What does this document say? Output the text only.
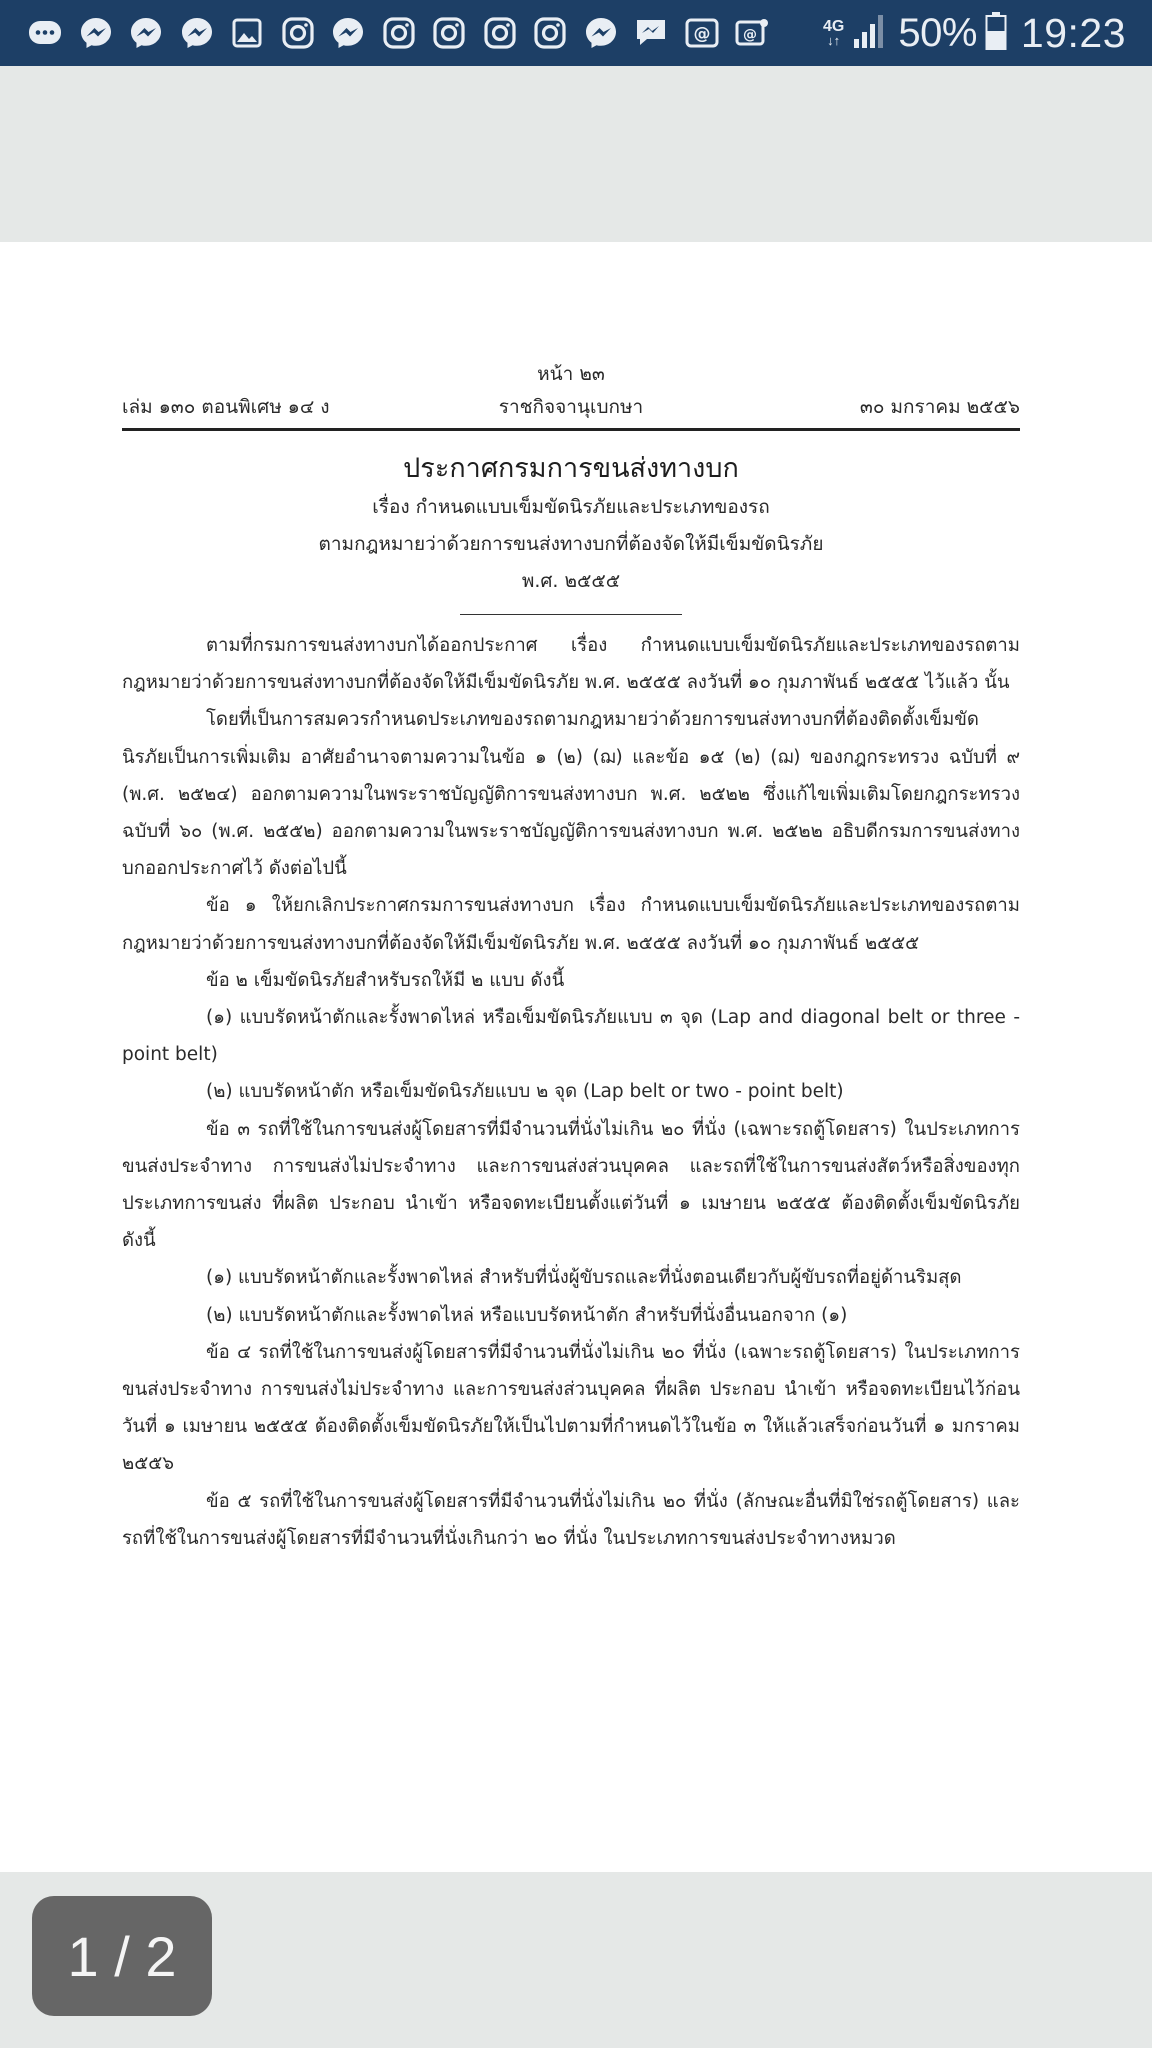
@ @	4G
↓↑ 50% 19:23
หน้า ๒๓
เล่ม ๑๓๐ ตอนพิเศษ ๑๔ ง	ราชกิจจานุเบกษา	๓๐ มกราคม ๒๕๕๖
ประกาศกรมการขนส่งทางบก
เรื่อง กำหนดแบบเข็มขัดนิรภัยและประเภทของรถ
ตามกฎหมายว่าด้วยการขนส่งทางบกที่ต้องจัดให้มีเข็มขัดนิรภัย
พ.ศ. ๒๕๕๕

ตามที่กรมการขนส่งทางบกได้ออกประกาศ เรื่อง กำหนดแบบเข็มขัดนิรภัยและประเภทของรถตามกฎหมายว่าด้วยการขนส่งทางบกที่ต้องจัดให้มีเข็มขัดนิรภัย พ.ศ. ๒๕๕๕ ลงวันที่ ๑๐ กุมภาพันธ์ ๒๕๕๕ ไว้แล้ว นั้น

โดยที่เป็นการสมควรกำหนดประเภทของรถตามกฎหมายว่าด้วยการขนส่งทางบกที่ต้องติดตั้งเข็มขัดนิรภัยเป็นการเพิ่มเติม อาศัยอำนาจตามความในข้อ ๑ (๒) (ฌ) และข้อ ๑๕ (๒) (ฌ) ของกฎกระทรวง ฉบับที่ ๙ (พ.ศ. ๒๕๒๔) ออกตามความในพระราชบัญญัติการขนส่งทางบก พ.ศ. ๒๕๒๒ ซึ่งแก้ไขเพิ่มเติมโดยกฎกระทรวง ฉบับที่ ๖๐ (พ.ศ. ๒๕๕๒) ออกตามความในพระราชบัญญัติการขนส่งทางบก พ.ศ. ๒๕๒๒ อธิบดีกรมการขนส่งทางบกออกประกาศไว้ ดังต่อไปนี้

ข้อ ๑ ให้ยกเลิกประกาศกรมการขนส่งทางบก เรื่อง กำหนดแบบเข็มขัดนิรภัยและประเภทของรถตามกฎหมายว่าด้วยการขนส่งทางบกที่ต้องจัดให้มีเข็มขัดนิรภัย พ.ศ. ๒๕๕๕ ลงวันที่ ๑๐ กุมภาพันธ์ ๒๕๕๕

ข้อ ๒ เข็มขัดนิรภัยสำหรับรถให้มี ๒ แบบ ดังนี้

(๑) แบบรัดหน้าตักและรั้งพาดไหล่ หรือเข็มขัดนิรภัยแบบ ๓ จุด (Lap and diagonal belt or three - point belt)

(๒) แบบรัดหน้าตัก หรือเข็มขัดนิรภัยแบบ ๒ จุด (Lap belt or two - point belt)

ข้อ ๓ รถที่ใช้ในการขนส่งผู้โดยสารที่มีจำนวนที่นั่งไม่เกิน ๒๐ ที่นั่ง (เฉพาะรถตู้โดยสาร) ในประเภทการขนส่งประจำทาง การขนส่งไม่ประจำทาง และการขนส่งส่วนบุคคล และรถที่ใช้ในการขนส่งสัตว์หรือสิ่งของทุกประเภทการขนส่ง ที่ผลิต ประกอบ นำเข้า หรือจดทะเบียนตั้งแต่วันที่ ๑ เมษายน ๒๕๕๕ ต้องติดตั้งเข็มขัดนิรภัย ดังนี้

(๑) แบบรัดหน้าตักและรั้งพาดไหล่ สำหรับที่นั่งผู้ขับรถและที่นั่งตอนเดียวกับผู้ขับรถที่อยู่ด้านริมสุด

(๒) แบบรัดหน้าตักและรั้งพาดไหล่ หรือแบบรัดหน้าตัก สำหรับที่นั่งอื่นนอกจาก (๑)

ข้อ ๔ รถที่ใช้ในการขนส่งผู้โดยสารที่มีจำนวนที่นั่งไม่เกิน ๒๐ ที่นั่ง (เฉพาะรถตู้โดยสาร) ในประเภทการขนส่งประจำทาง การขนส่งไม่ประจำทาง และการขนส่งส่วนบุคคล ที่ผลิต ประกอบ นำเข้า หรือจดทะเบียนไว้ก่อนวันที่ ๑ เมษายน ๒๕๕๕ ต้องติดตั้งเข็มขัดนิรภัยให้เป็นไปตามที่กำหนดไว้ในข้อ ๓ ให้แล้วเสร็จก่อนวันที่ ๑ มกราคม ๒๕๕๖

ข้อ ๕ รถที่ใช้ในการขนส่งผู้โดยสารที่มีจำนวนที่นั่งไม่เกิน ๒๐ ที่นั่ง (ลักษณะอื่นที่มิใช่รถตู้โดยสาร) และรถที่ใช้ในการขนส่งผู้โดยสารที่มีจำนวนที่นั่งเกินกว่า ๒๐ ที่นั่ง ในประเภทการขนส่งประจำทางหมวด

1 / 2
